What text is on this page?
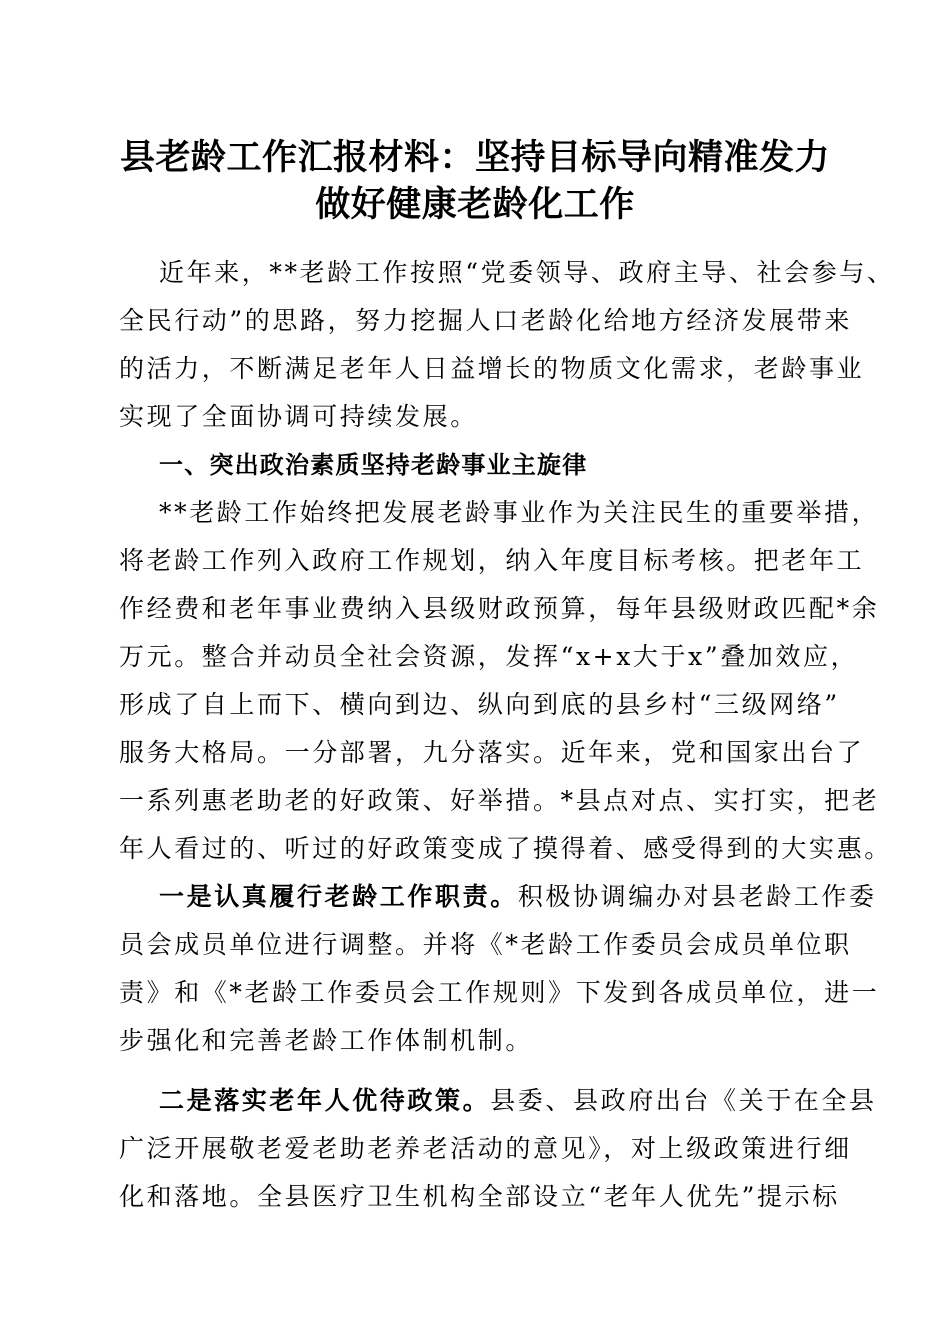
县老龄工作汇报材料：坚持目标导向精准发力
做好健康老龄化工作
近年来，**老龄工作按照“党委领导、政府主导、社会参与、
全民行动”的思路，努力挖掘人口老龄化给地方经济发展带来
的活力，不断满足老年人日益增长的物质文化需求，老龄事业
实现了全面协调可持续发展。
一、突出政治素质坚持老龄事业主旋律
**老龄工作始终把发展老龄事业作为关注民生的重要举措，
将老龄工作列入政府工作规划，纳入年度目标考核。把老年工
作经费和老年事业费纳入县级财政预算，每年县级财政匹配*余
万元。整合并动员全社会资源，发挥“x+x大于x”叠加效应，
形成了自上而下、横向到边、纵向到底的县乡村“三级网络”
服务大格局。一分部署，九分落实。近年来，党和国家出台了
一系列惠老助老的好政策、好举措。*县点对点、实打实，把老
年人看过的、听过的好政策变成了摸得着、感受得到的大实惠。
一是认真履行老龄工作职责。积极协调编办对县老龄工作委
员会成员单位进行调整。并将《*老龄工作委员会成员单位职
责》和《*老龄工作委员会工作规则》下发到各成员单位，进一
步强化和完善老龄工作体制机制。
二是落实老年人优待政策。县委、县政府出台《关于在全县
广泛开展敬老爱老助老养老活动的意见》，对上级政策进行细
化和落地。全县医疗卫生机构全部设立“老年人优先”提示标
